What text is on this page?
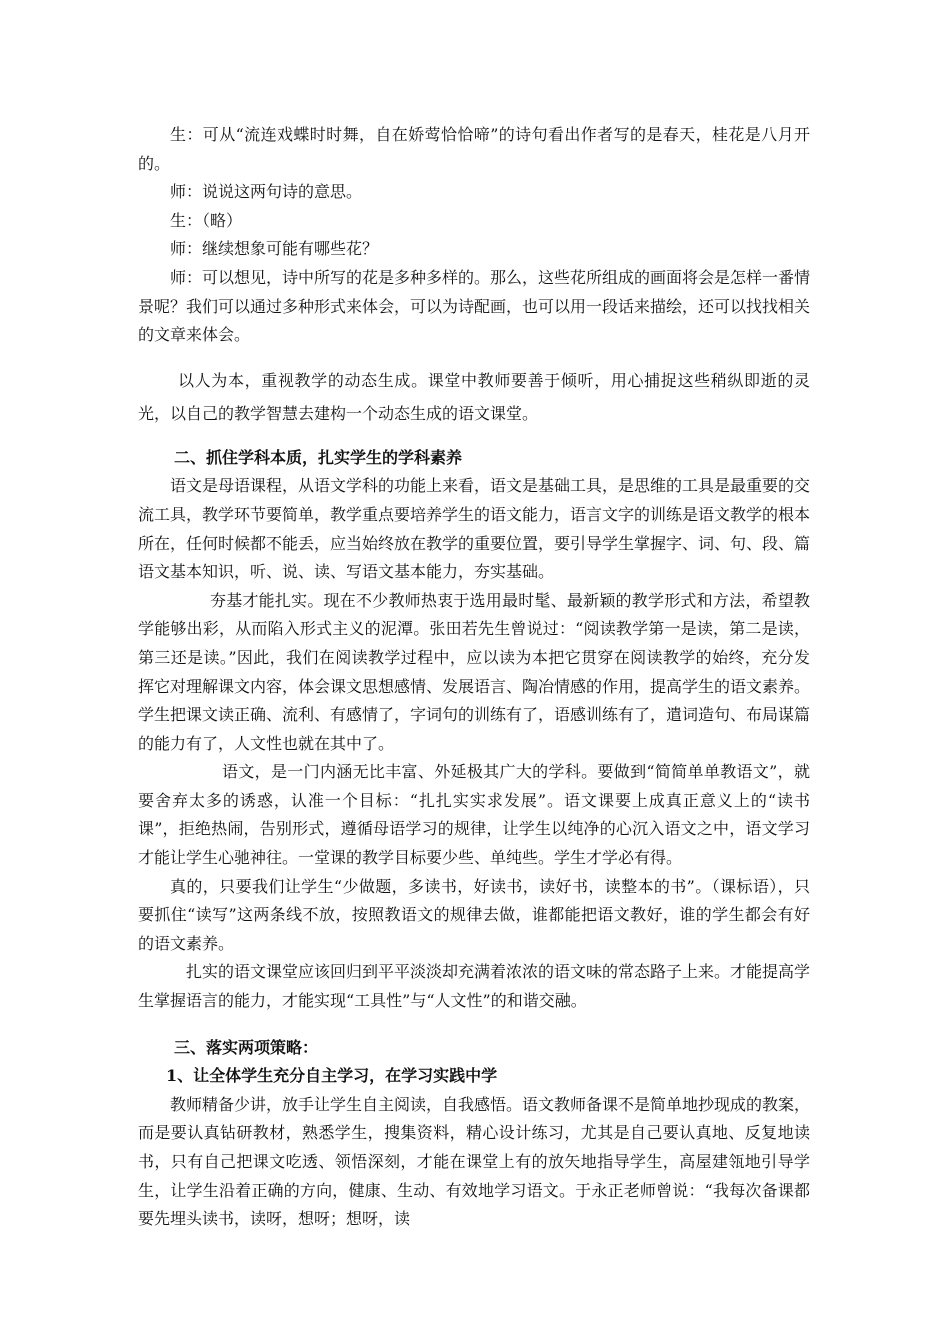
生：可从“流连戏蝶时时舞，自在娇莺恰恰啼”的诗句看出作者写的是春天，桂花是八月开的。

师：说说这两句诗的意思。

生：（略）

师：继续想象可能有哪些花？

师：可以想见，诗中所写的花是多种多样的。那么，这些花所组成的画面将会是怎样一番情景呢？我们可以通过多种形式来体会，可以为诗配画，也可以用一段话来描绘，还可以找找相关的文章来体会。

以人为本，重视教学的动态生成。课堂中教师要善于倾听，用心捕捉这些稍纵即逝的灵光，以自己的教学智慧去建构一个动态生成的语文课堂。

二、抓住学科本质，扎实学生的学科素养

语文是母语课程，从语文学科的功能上来看，语文是基础工具，是思维的工具是最重要的交流工具，教学环节要简单，教学重点要培养学生的语文能力，语言文字的训练是语文教学的根本所在，任何时候都不能丢，应当始终放在教学的重要位置，要引导学生掌握字、词、句、段、篇语文基本知识，听、说、读、写语文基本能力，夯实基础。

夯基才能扎实。现在不少教师热衷于选用最时髦、最新颖的教学形式和方法，希望教学能够出彩，从而陷入形式主义的泥潭。张田若先生曾说过：“阅读教学第一是读，第二是读，第三还是读。”因此，我们在阅读教学过程中，应以读为本把它贯穿在阅读教学的始终，充分发挥它对理解课文内容，体会课文思想感情、发展语言、陶冶情感的作用，提高学生的语文素养。学生把课文读正确、流利、有感情了，字词句的训练有了，语感训练有了，遣词造句、布局谋篇的能力有了，人文性也就在其中了。

语文，是一门内涵无比丰富、外延极其广大的学科。要做到“简简单单教语文”，就要舍弃太多的诱惑，认准一个目标：“扎扎实实求发展”。语文课要上成真正意义上的“读书课”，拒绝热闹，告别形式，遵循母语学习的规律，让学生以纯净的心沉入语文之中，语文学习才能让学生心驰神往。一堂课的教学目标要少些、单纯些。学生才学必有得。

真的，只要我们让学生“少做题，多读书，好读书，读好书，读整本的书”。（课标语），只要抓住“读写”这两条线不放，按照教语文的规律去做，谁都能把语文教好，谁的学生都会有好的语文素养。

扎实的语文课堂应该回归到平平淡淡却充满着浓浓的语文味的常态路子上来。才能提高学生掌握语言的能力，才能实现“工具性”与“人文性”的和谐交融。

三、落实两项策略：

1、让全体学生充分自主学习，在学习实践中学

教师精备少讲，放手让学生自主阅读，自我感悟。语文教师备课不是简单地抄现成的教案，而是要认真钻研教材，熟悉学生，搜集资料，精心设计练习，尤其是自己要认真地、反复地读书，只有自己把课文吃透、领悟深刻，才能在课堂上有的放矢地指导学生，高屋建瓴地引导学生，让学生沿着正确的方向，健康、生动、有效地学习语文。于永正老师曾说：“我每次备课都要先埋头读书，读呀，想呀；想呀，读
